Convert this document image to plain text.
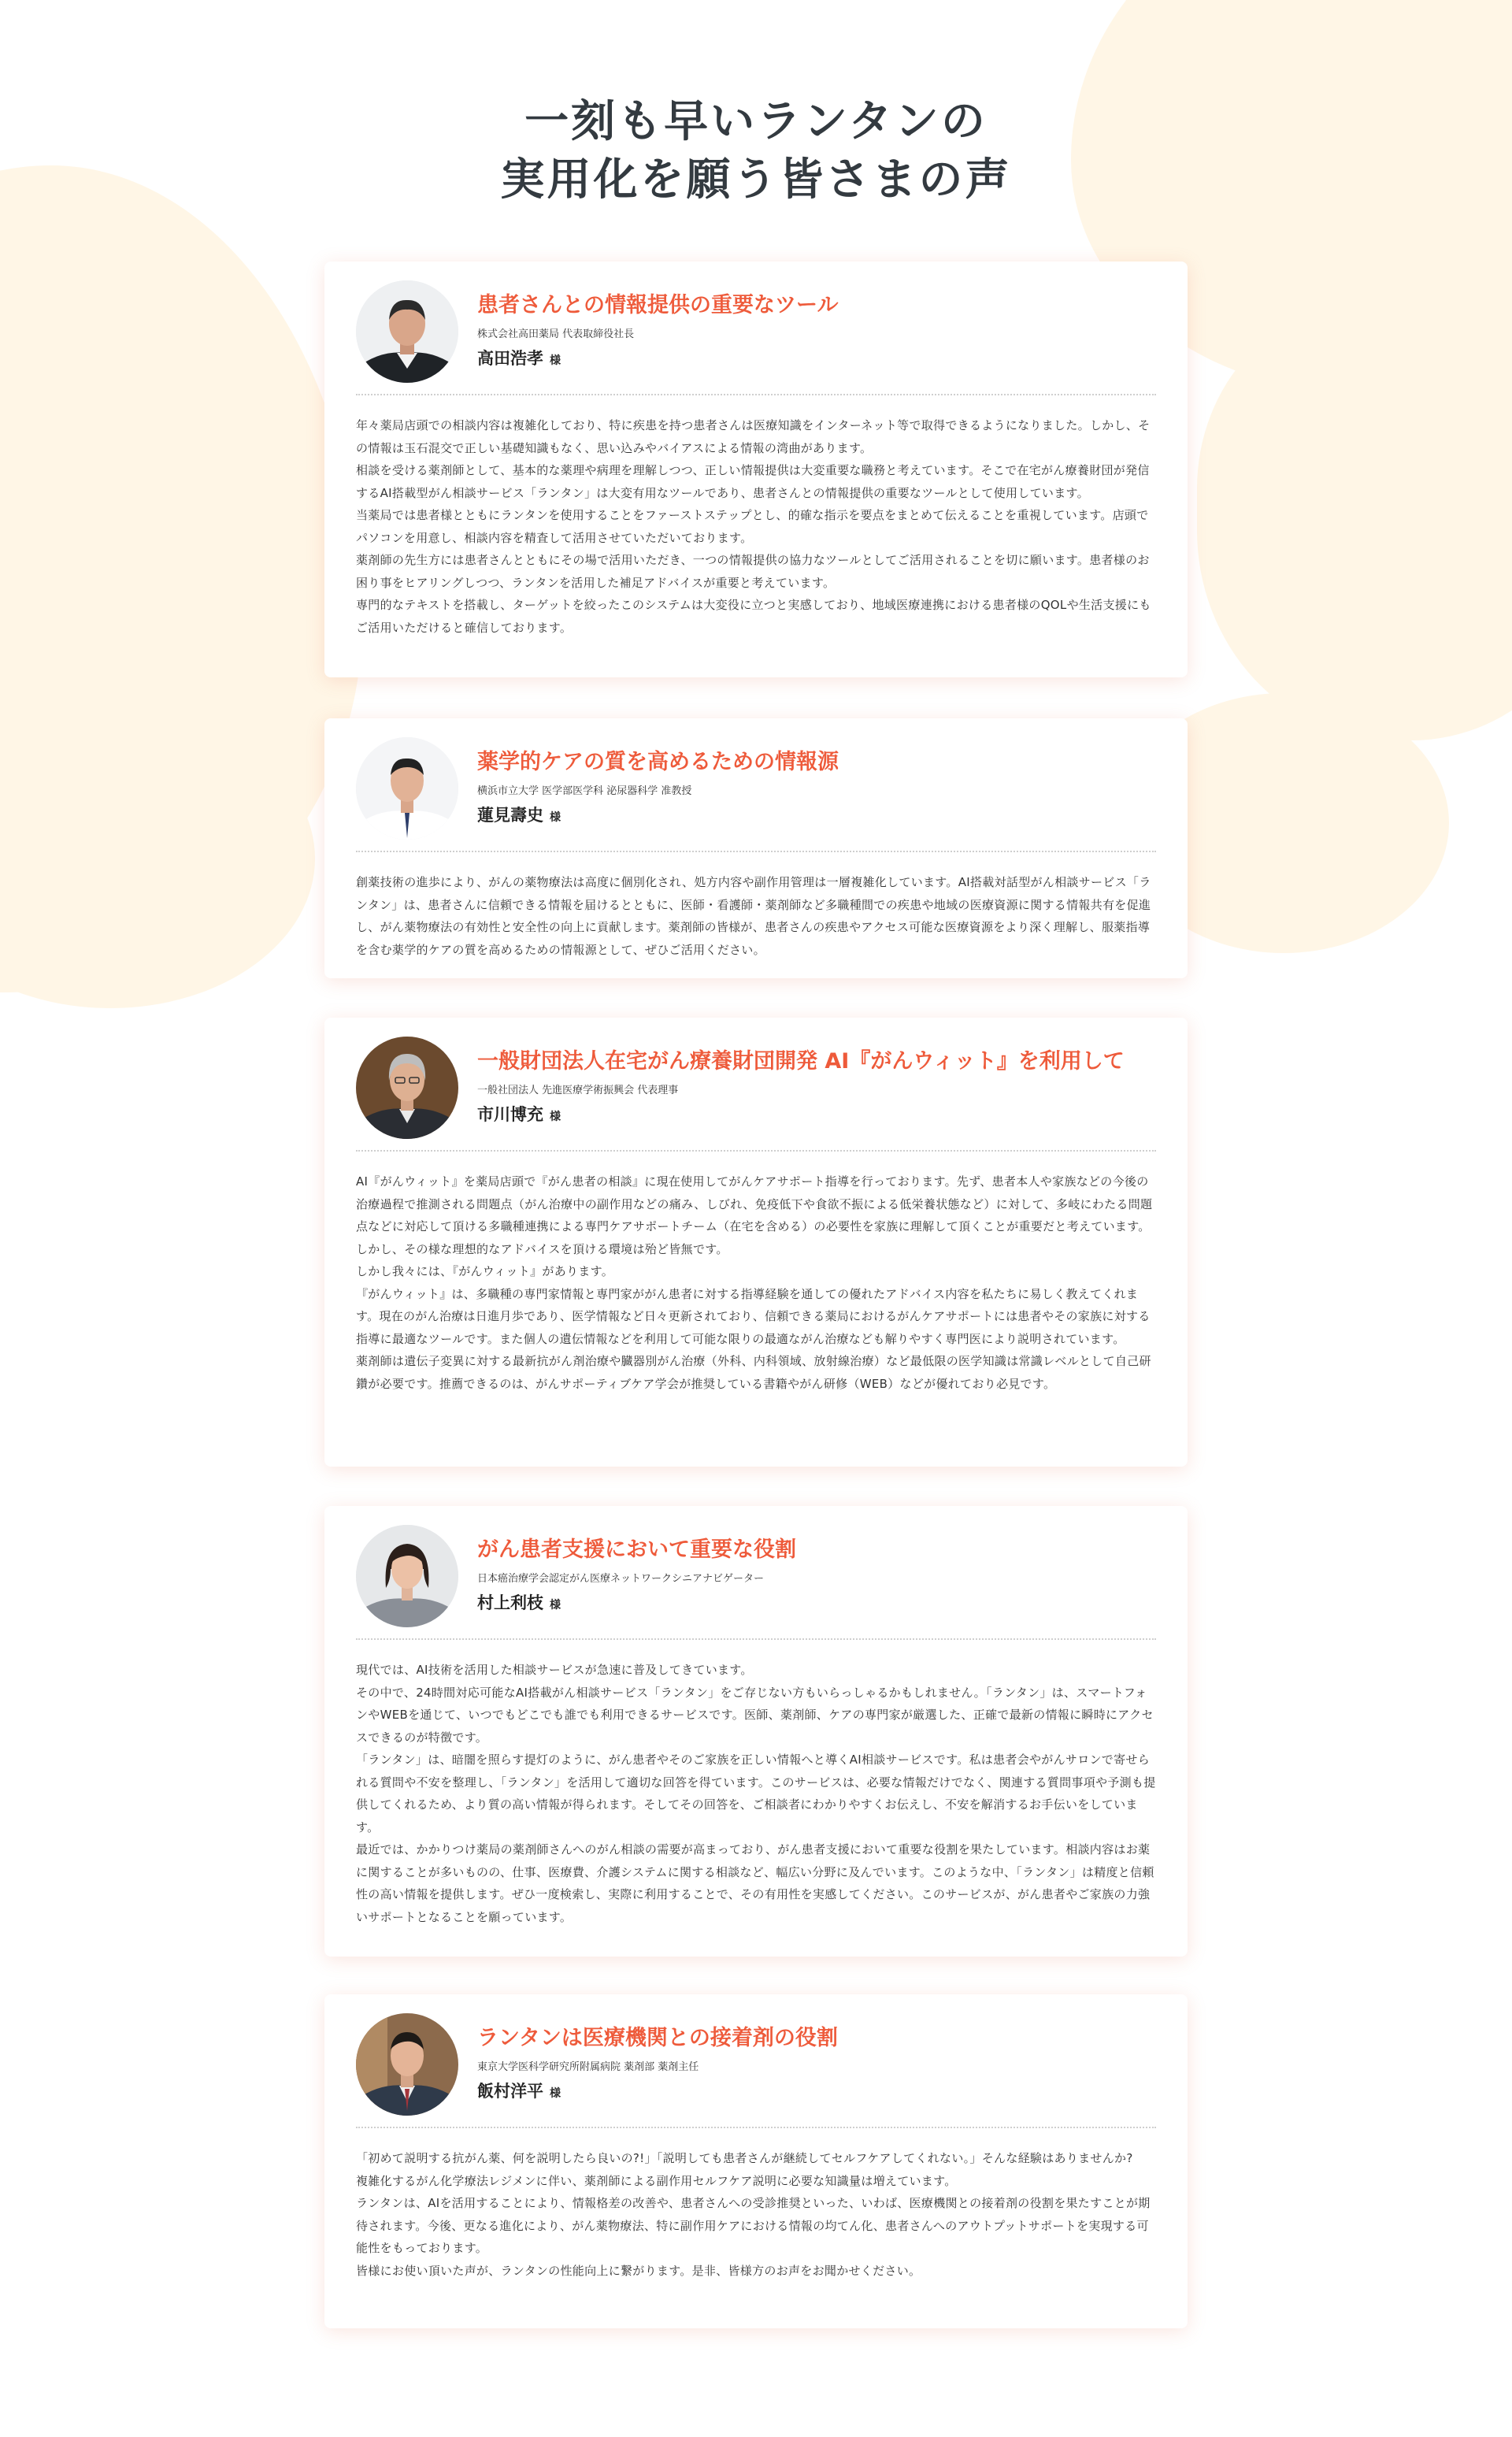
一刻も早いランタンの
実用化を願う皆さまの声
患者さんとの情報提供の重要なツール

株式会社高田薬局 代表取締役社長

高田浩孝 様

年々薬局店頭での相談内容は複雑化しており、特に疾患を持つ患者さんは医療知識をインターネット等で取得できるようになりました。しかし、その情報は玉石混交で正しい基礎知識もなく、思い込みやバイアスによる情報の湾曲があります。

相談を受ける薬剤師として、基本的な薬理や病理を理解しつつ、正しい情報提供は大変重要な職務と考えています。そこで在宅がん療養財団が発信するAI搭載型がん相談サービス「ランタン」は大変有用なツールであり、患者さんとの情報提供の重要なツールとして使用しています。

当薬局では患者様とともにランタンを使用することをファーストステップとし、的確な指示を要点をまとめて伝えることを重視しています。店頭でパソコンを用意し、相談内容を精査して活用させていただいております。

薬剤師の先生方には患者さんとともにその場で活用いただき、一つの情報提供の協力なツールとしてご活用されることを切に願います。患者様のお困り事をヒアリングしつつ、ランタンを活用した補足アドバイスが重要と考えています。

専門的なテキストを搭載し、ターゲットを絞ったこのシステムは大変役に立つと実感しており、地域医療連携における患者様のQOLや生活支援にもご活用いただけると確信しております。

薬学的ケアの質を高めるための情報源

横浜市立大学 医学部医学科 泌尿器科学 准教授

蓮見壽史 様

創薬技術の進歩により、がんの薬物療法は高度に個別化され、処方内容や副作用管理は一層複雑化しています。AI搭載対話型がん相談サービス「ランタン」は、患者さんに信頼できる情報を届けるとともに、医師・看護師・薬剤師など多職種間での疾患や地域の医療資源に関する情報共有を促進し、がん薬物療法の有効性と安全性の向上に貢献します。薬剤師の皆様が、患者さんの疾患やアクセス可能な医療資源をより深く理解し、服薬指導を含む薬学的ケアの質を高めるための情報源として、ぜひご活用ください。

一般財団法人在宅がん療養財団開発 AI『がんウィット』を利用して

一般社団法人 先進医療学術振興会 代表理事

市川博充 様

AI『がんウィット』を薬局店頭で『がん患者の相談』に現在使用してがんケアサポート指導を行っております。先ず、患者本人や家族などの今後の治療過程で推測される問題点（がん治療中の副作用などの痛み、しびれ、免疫低下や食欲不振による低栄養状態など）に対して、多岐にわたる問題点などに対応して頂ける多職種連携による専門ケアサポートチーム（在宅を含める）の必要性を家族に理解して頂くことが重要だと考えています。しかし、その様な理想的なアドバイスを頂ける環境は殆ど皆無です。

しかし我々には、『がんウィット』があります。

『がんウィット』は、多職種の専門家情報と専門家ががん患者に対する指導経験を通しての優れたアドバイス内容を私たちに易しく教えてくれます。現在のがん治療は日進月歩であり、医学情報など日々更新されており、信頼できる薬局におけるがんケアサポートには患者やその家族に対する指導に最適なツールです。また個人の遺伝情報などを利用して可能な限りの最適ながん治療なども解りやすく専門医により説明されています。

薬剤師は遺伝子変異に対する最新抗がん剤治療や臓器別がん治療（外科、内科領域、放射線治療）など最低限の医学知識は常識レベルとして自己研鑽が必要です。推薦できるのは、がんサポーティブケア学会が推奨している書籍やがん研修（WEB）などが優れており必見です。

がん患者支援において重要な役割

日本癌治療学会認定がん医療ネットワークシニアナビゲーター

村上利枝 様

現代では、AI技術を活用した相談サービスが急速に普及してきています。

その中で、24時間対応可能なAI搭載がん相談サービス「ランタン」をご存じない方もいらっしゃるかもしれません。「ランタン」は、スマートフォンやWEBを通じて、いつでもどこでも誰でも利用できるサービスです。医師、薬剤師、ケアの専門家が厳選した、正確で最新の情報に瞬時にアクセスできるのが特徴です。

「ランタン」は、暗闇を照らす提灯のように、がん患者やそのご家族を正しい情報へと導くAI相談サービスです。私は患者会やがんサロンで寄せられる質問や不安を整理し、「ランタン」を活用して適切な回答を得ています。このサービスは、必要な情報だけでなく、関連する質問事項や予測も提供してくれるため、より質の高い情報が得られます。そしてその回答を、ご相談者にわかりやすくお伝えし、不安を解消するお手伝いをしています。

最近では、かかりつけ薬局の薬剤師さんへのがん相談の需要が高まっており、がん患者支援において重要な役割を果たしています。相談内容はお薬に関することが多いものの、仕事、医療費、介護システムに関する相談など、幅広い分野に及んでいます。このような中、「ランタン」は精度と信頼性の高い情報を提供します。ぜひ一度検索し、実際に利用することで、その有用性を実感してください。このサービスが、がん患者やご家族の力強いサポートとなることを願っています。

ランタンは医療機関との接着剤の役割

東京大学医科学研究所附属病院 薬剤部 薬剤主任

飯村洋平 様

「初めて説明する抗がん薬、何を説明したら良いの?!」「説明しても患者さんが継続してセルフケアしてくれない。」そんな経験はありませんか?

複雑化するがん化学療法レジメンに伴い、薬剤師による副作用セルフケア説明に必要な知識量は増えています。

ランタンは、AIを活用することにより、情報格差の改善や、患者さんへの受診推奨といった、いわば、医療機関との接着剤の役割を果たすことが期待されます。今後、更なる進化により、がん薬物療法、特に副作用ケアにおける情報の均てん化、患者さんへのアウトプットサポートを実現する可能性をもっております。

皆様にお使い頂いた声が、ランタンの性能向上に繋がります。是非、皆様方のお声をお聞かせください。
